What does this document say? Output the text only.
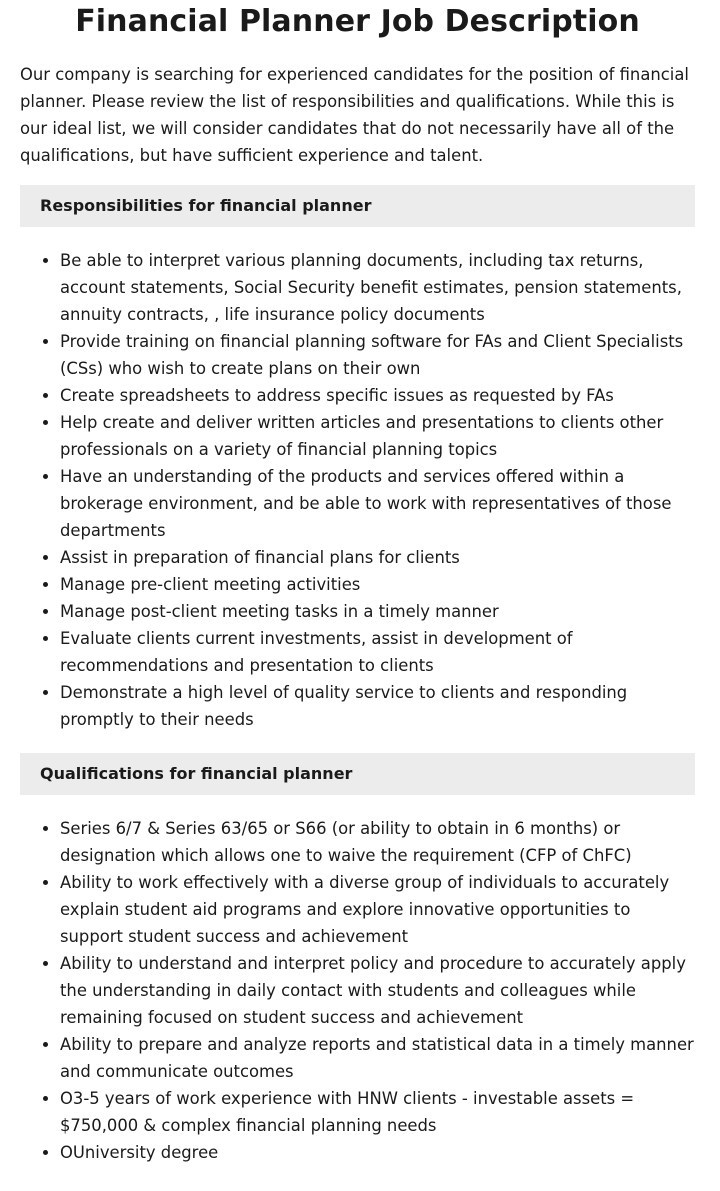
Financial Planner Job Description

Our company is searching for experienced candidates for the position of financial planner. Please review the list of responsibilities and qualifications. While this is our ideal list, we will consider candidates that do not necessarily have all of the qualifications, but have sufficient experience and talent.

Responsibilities for financial planner
• Be able to interpret various planning documents, including tax returns, account statements, Social Security benefit estimates, pension statements, annuity contracts, , life insurance policy documents
• Provide training on financial planning software for FAs and Client Specialists (CSs) who wish to create plans on their own
• Create spreadsheets to address specific issues as requested by FAs
• Help create and deliver written articles and presentations to clients other professionals on a variety of financial planning topics
• Have an understanding of the products and services offered within a brokerage environment, and be able to work with representatives of those departments
• Assist in preparation of financial plans for clients
• Manage pre-client meeting activities
• Manage post-client meeting tasks in a timely manner
• Evaluate clients current investments, assist in development of recommendations and presentation to clients
• Demonstrate a high level of quality service to clients and responding promptly to their needs
Qualifications for financial planner
• Series 6/7 & Series 63/65 or S66 (or ability to obtain in 6 months) or designation which allows one to waive the requirement (CFP of ChFC)
• Ability to work effectively with a diverse group of individuals to accurately explain student aid programs and explore innovative opportunities to support student success and achievement
• Ability to understand and interpret policy and procedure to accurately apply the understanding in daily contact with students and colleagues while remaining focused on student success and achievement
• Ability to prepare and analyze reports and statistical data in a timely manner and communicate outcomes
• O3-5 years of work experience with HNW clients - investable assets = $750,000 & complex financial planning needs
• OUniversity degree
